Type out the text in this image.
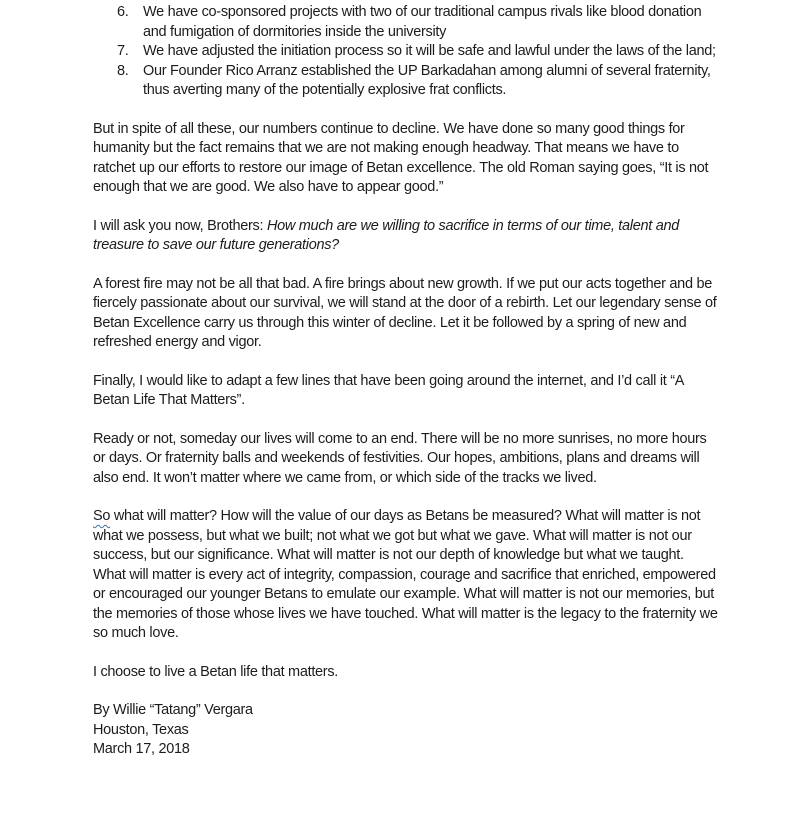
6.	We have co-sponsored projects with two of our traditional campus rivals like blood donation and fumigation of dormitories inside the university
7.	We have adjusted the initiation process so it will be safe and lawful under the laws of the land;
8.	Our Founder Rico Arranz established the UP Barkadahan among alumni of several fraternity, thus averting many of the potentially explosive frat conflicts.

But in spite of all these, our numbers continue to decline. We have done so many good things for humanity but the fact remains that we are not making enough headway. That means we have to ratchet up our efforts to restore our image of Betan excellence. The old Roman saying goes, “It is not enough that we are good. We also have to appear good.”

I will ask you now, Brothers: How much are we willing to sacrifice in terms of our time, talent and treasure to save our future generations?

A forest fire may not be all that bad. A fire brings about new growth. If we put our acts together and be fiercely passionate about our survival, we will stand at the door of a rebirth. Let our legendary sense of Betan Excellence carry us through this winter of decline. Let it be followed by a spring of new and refreshed energy and vigor.

Finally, I would like to adapt a few lines that have been going around the internet, and I’d call it “A Betan Life That Matters”.

Ready or not, someday our lives will come to an end. There will be no more sunrises, no more hours or days. Or fraternity balls and weekends of festivities. Our hopes, ambitions, plans and dreams will also end. It won’t matter where we came from, or which side of the tracks we lived.

So what will matter? How will the value of our days as Betans be measured? What will matter is not what we possess, but what we built; not what we got but what we gave. What will matter is not our success, but our significance. What will matter is not our depth of knowledge but what we taught. What will matter is every act of integrity, compassion, courage and sacrifice that enriched, empowered or encouraged our younger Betans to emulate our example. What will matter is not our memories, but the memories of those whose lives we have touched. What will matter is the legacy to the fraternity we so much love.

I choose to live a Betan life that matters.

By Willie “Tatang” Vergara
Houston, Texas
March 17, 2018
